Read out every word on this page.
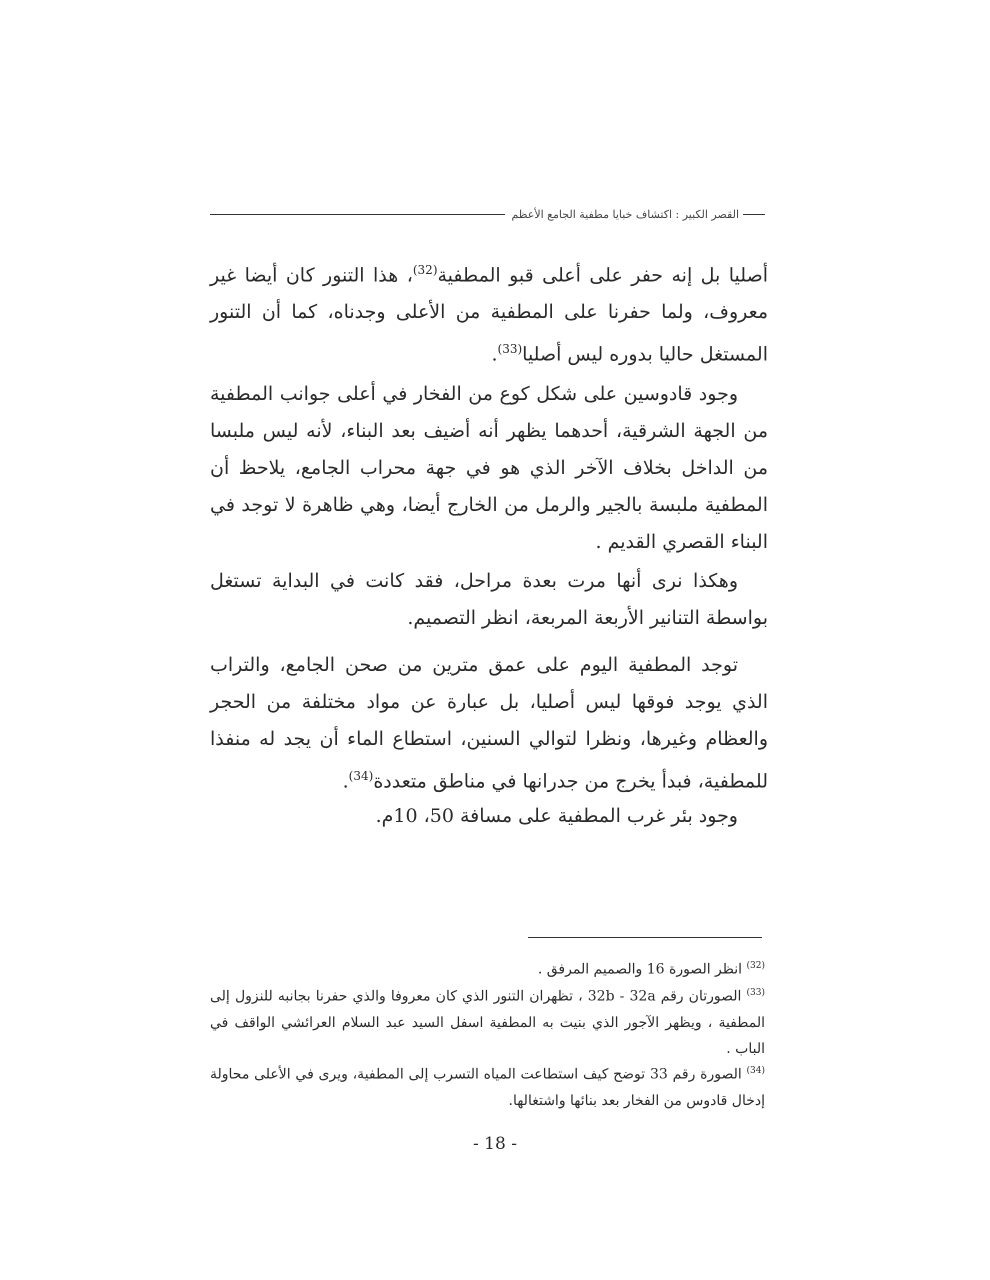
القصر الكبير : اكتشاف خبايا مطفية الجامع الأعظم

أصليا بل إنه حفر على أعلى قبو المطفية$^{(32)}$، هذا التنور كان أيضا غير معروف، ولما حفرنا على المطفية من الأعلى وجدناه، كما أن التنور المستغل حاليا بدوره ليس أصليا$^{(33)}$.

وجود قادوسين على شكل كوع من الفخار في أعلى جوانب المطفية من الجهة الشرقية، أحدهما يظهر أنه أضيف بعد البناء، لأنه ليس ملبسا من الداخل بخلاف الآخر الذي هو في جهة محراب الجامع، يلاحظ أن المطفية ملبسة بالجير والرمل من الخارج أيضا، وهي ظاهرة لا توجد في البناء القصري القديم .

وهكذا نرى أنها مرت بعدة مراحل، فقد كانت في البداية تستغل بواسطة التنانير الأربعة المربعة، انظر التصميم.

توجد المطفية اليوم على عمق مترين من صحن الجامع، والتراب الذي يوجد فوقها ليس أصليا، بل عبارة عن مواد مختلفة من الحجر والعظام وغيرها، ونظرا لتوالي السنين، استطاع الماء أن يجد له منفذا للمطفية، فبدأ يخرج من جدرانها في مناطق متعددة$^{(34)}$.

وجود بئر غرب المطفية على مسافة 50، 10م.

$^{(32)}$ انظر الصورة 16 والصميم المرفق .
$^{(33)}$ الصورتان رقم 32b - 32a ، تظهران التنور الذي كان معروفا والذي حفرنا بجانبه للنزول إلى المطفية ، ويظهر الآجور الذي بنيت به المطفية اسفل السيد عبد السلام العرائشي الواقف في الباب .
$^{(34)}$ الصورة رقم 33 توضح كيف استطاعت المياه التسرب إلى المطفية، ويرى في الأعلى محاولة إدخال قادوس من الفخار بعد بنائها واشتغالها.
- 18 -
